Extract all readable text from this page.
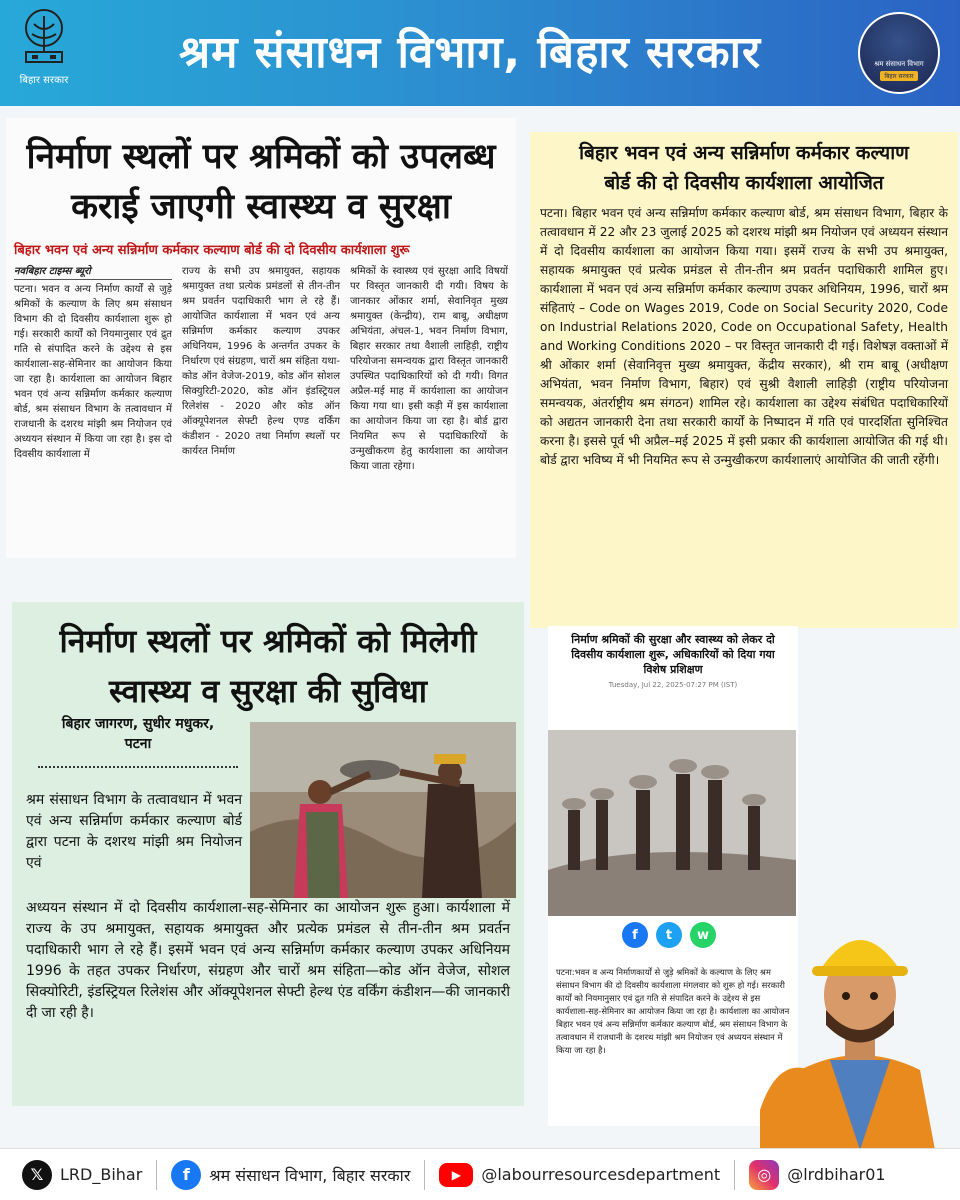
बिहार सरकार
श्रम संसाधन विभाग, बिहार सरकार	श्रम संसाधन विभाग
बिहार सरकार
निर्माण स्थलों पर श्रमिकों को उपलब्ध
कराई जाएगी स्वास्थ्य व सुरक्षा
बिहार भवन एवं अन्य सन्निर्माण कर्मकार कल्याण बोर्ड की दो दिवसीय कार्यशाला शुरू
नवबिहार टाइम्स ब्यूरो
पटना। भवन व अन्य निर्माण कार्यों से जुड़े श्रमिकों के कल्याण के लिए श्रम संसाधन विभाग की दो दिवसीय कार्यशाला शुरू हो गई। सरकारी कार्यों को नियमानुसार एवं द्रुत गति से संपादित करने के उद्देश्य से इस कार्यशाला-सह-सेमिनार का आयोजन किया जा रहा है। कार्यशाला का आयोजन बिहार भवन एवं अन्य सन्निर्माण कर्मकार कल्याण बोर्ड, श्रम संसाधन विभाग के तत्वावधान में राजधानी के दशरथ मांझी श्रम नियोजन एवं अध्ययन संस्थान में किया जा रहा है। इस दो दिवसीय कार्यशाला में
राज्य के सभी उप श्रमायुक्त, सहायक श्रमायुक्त तथा प्रत्येक प्रमंडलों से तीन-तीन श्रम प्रवर्तन पदाधिकारी भाग ले रहे हैं। आयोजित कार्यशाला में भवन एवं अन्य सन्निर्माण कर्मकार कल्याण उपकर अधिनियम, 1996 के अन्तर्गत उपकर के निर्धारण एवं संग्रहण, चारों श्रम संहिता यथा-कोड ऑन वेजेज-2019, कोड ऑन सोशल सिक्युरिटी-2020, कोड ऑन इंडस्ट्रियल रिलेशंस - 2020 और कोड ऑन ऑक्यूपेशनल सेफ्टी हेल्थ एण्ड वर्किंग कंडीशन - 2020 तथा निर्माण स्थलों पर कार्यरत निर्माण
श्रमिकों के स्वास्थ्य एवं सुरक्षा आदि विषयों पर विस्तृत जानकारी दी गयी। विषय के जानकार ओंकार शर्मा, सेवानिवृत मुख्य श्रमायुक्त (केन्द्रीय), राम बाबू, अधीक्षण अभियंता, अंचल-1, भवन निर्माण विभाग, बिहार सरकार तथा वैशाली लाहिड़ी, राष्ट्रीय परियोजना समन्वयक द्वारा विस्तृत जानकारी उपस्थित पदाधिकारियों को दी गयी। विगत अप्रैल-मई माह में कार्यशाला का आयोजन किया गया था। इसी कड़ी में इस कार्यशाला का आयोजन किया जा रहा है। बोर्ड द्वारा नियमित रूप से पदाधिकारियों के उन्मुखीकरण हेतु कार्यशाला का आयोजन किया जाता रहेगा।
बिहार भवन एवं अन्य सन्निर्माण कर्मकार कल्याण
बोर्ड की दो दिवसीय कार्यशाला आयोजित
पटना। बिहार भवन एवं अन्य सन्निर्माण कर्मकार कल्याण बोर्ड, श्रम संसाधन विभाग, बिहार के तत्वावधान में 22 और 23 जुलाई 2025 को दशरथ मांझी श्रम नियोजन एवं अध्ययन संस्थान में दो दिवसीय कार्यशाला का आयोजन किया गया। इसमें राज्य के सभी उप श्रमायुक्त, सहायक श्रमायुक्त एवं प्रत्येक प्रमंडल से तीन-तीन श्रम प्रवर्तन पदाधिकारी शामिल हुए। कार्यशाला में भवन एवं अन्य सन्निर्माण कर्मकार कल्याण उपकर अधिनियम, 1996, चारों श्रम संहिताएं – Code on Wages 2019, Code on Social Security 2020, Code on Industrial Relations 2020, Code on Occupational Safety, Health and Working Conditions 2020 – पर विस्तृत जानकारी दी गई। विशेषज्ञ वक्ताओं में श्री ओंकार शर्मा (सेवानिवृत्त मुख्य श्रमायुक्त, केंद्रीय सरकार), श्री राम बाबू (अधीक्षण अभियंता, भवन निर्माण विभाग, बिहार) एवं सुश्री वैशाली लाहिड़ी (राष्ट्रीय परियोजना समन्वयक, अंतर्राष्ट्रीय श्रम संगठन) शामिल रहे। कार्यशाला का उद्देश्य संबंधित पदाधिकारियों को अद्यतन जानकारी देना तथा सरकारी कार्यों के निष्पादन में गति एवं पारदर्शिता सुनिश्चित करना है। इससे पूर्व भी अप्रैल–मई 2025 में इसी प्रकार की कार्यशाला आयोजित की गई थी। बोर्ड द्वारा भविष्य में भी नियमित रूप से उन्मुखीकरण कार्यशालाएं आयोजित की जाती रहेंगी।
निर्माण स्थलों पर श्रमिकों को मिलेगी
स्वास्थ्य व सुरक्षा की सुविधा
बिहार जागरण, सुधीर मधुकर,
पटना
श्रम संसाधन विभाग के तत्वावधान में भवन एवं अन्य सन्निर्माण कर्मकार कल्याण बोर्ड द्वारा पटना के दशरथ मांझी श्रम नियोजन एवं
अध्ययन संस्थान में दो दिवसीय कार्यशाला-सह-सेमिनार का आयोजन शुरू हुआ। कार्यशाला में राज्य के उप श्रमायुक्त, सहायक श्रमायुक्त और प्रत्येक प्रमंडल से तीन-तीन श्रम प्रवर्तन पदाधिकारी भाग ले रहे हैं। इसमें भवन एवं अन्य सन्निर्माण कर्मकार कल्याण उपकर अधिनियम 1996 के तहत उपकर निर्धारण, संग्रहण और चारों श्रम संहिता—कोड ऑन वेजेज, सोशल सिक्योरिटी, इंडस्ट्रियल रिलेशंस और ऑक्यूपेशनल सेफ्टी हेल्थ एंड वर्किंग कंडीशन—की जानकारी दी जा रही है।
निर्माण श्रमिकों की सुरक्षा और स्वास्थ्य को लेकर दो दिवसीय कार्यशाला शुरू, अधिकारियों को दिया गया विशेष प्रशिक्षण
Tuesday, Jul 22, 2025-07:27 PM (IST)
f	t	w
पटना:भवन व अन्य निर्माणकार्यों से जुड़े श्रमिकों के कल्याण के लिए श्रम संसाधन विभाग की दो दिवसीय कार्यशाला मंगलवार को शुरू हो गई। सरकारी कार्यों को नियमानुसार एवं द्रुत गति से संपादित करने के उद्देश्य से इस कार्यशाला-सह-सेमिनार का आयोजन किया जा रहा है। कार्यशाला का आयोजन बिहार भवन एवं अन्य सन्निर्माण कर्मकार कल्याण बोर्ड, श्रम संसाधन विभाग के तत्वावधान में राजधानी के दशरथ मांझी श्रम नियोजन एवं अध्ययन संस्थान में किया जा रहा है।
𝕏	LRD_Bihar	f	श्रम संसाधन विभाग, बिहार सरकार	▶	@labourresourcesdepartment	◎	@lrdbihar01
